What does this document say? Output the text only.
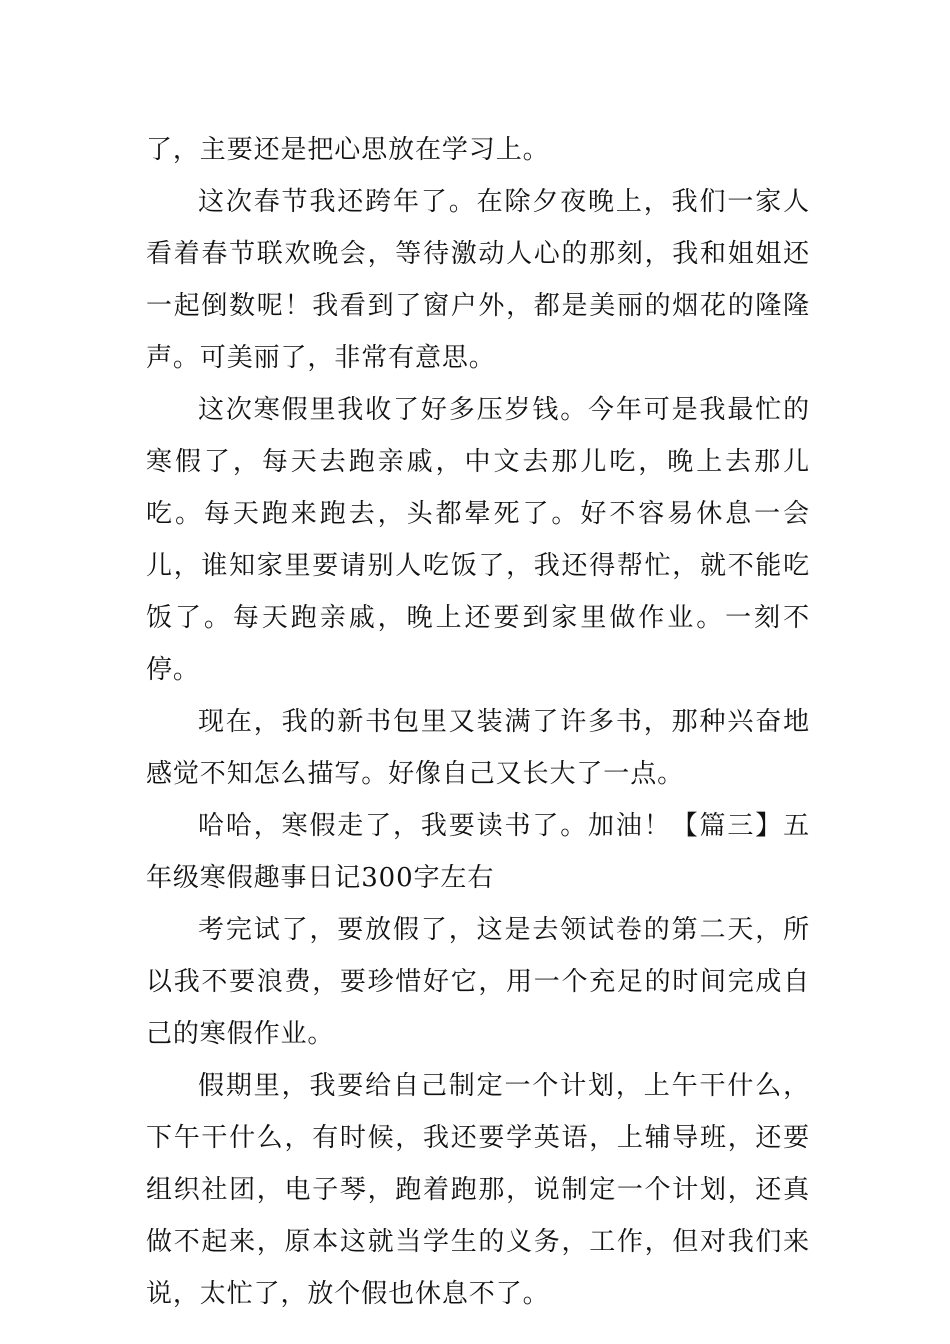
了，主要还是把心思放在学习上。

这次春节我还跨年了。在除夕夜晚上，我们一家人看着春节联欢晚会，等待激动人心的那刻，我和姐姐还一起倒数呢！我看到了窗户外，都是美丽的烟花的隆隆声。可美丽了，非常有意思。

这次寒假里我收了好多压岁钱。今年可是我最忙的寒假了，每天去跑亲戚，中文去那儿吃，晚上去那儿吃。每天跑来跑去，头都晕死了。好不容易休息一会儿，谁知家里要请别人吃饭了，我还得帮忙，就不能吃饭了。每天跑亲戚，晚上还要到家里做作业。一刻不停。

现在，我的新书包里又装满了许多书，那种兴奋地感觉不知怎么描写。好像自己又长大了一点。

哈哈，寒假走了，我要读书了。加油！【篇三】五年级寒假趣事日记300字左右

考完试了，要放假了，这是去领试卷的第二天，所以我不要浪费，要珍惜好它，用一个充足的时间完成自己的寒假作业。

假期里，我要给自己制定一个计划，上午干什么，下午干什么，有时候，我还要学英语，上辅导班，还要组织社团，电子琴，跑着跑那，说制定一个计划，还真做不起来，原本这就当学生的义务，工作，但对我们来说，太忙了，放个假也休息不了。
